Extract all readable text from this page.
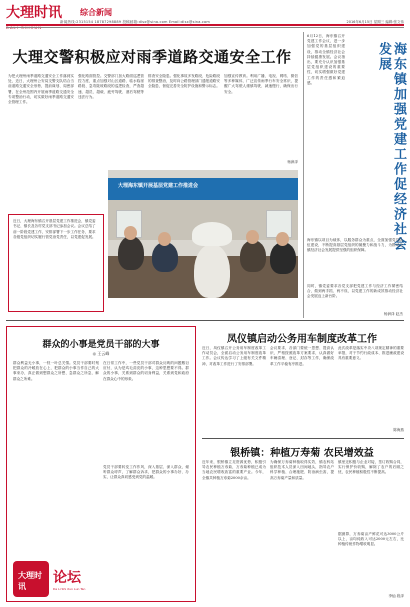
大理时讯 综合新闻
新闻热线:2315154 18787298889 投稿邮箱:dlsx@sina.com Email:dlsx@sina.com	2016年6月15日 星期三 编辑:张文伟
大理交警积极应对雨季道路交通安全工作
为把大理州雨季道路交通安全工作落到实处，近日，大理州公安局交警支队结合当前道路交通安全形势，提前谋划、周密部署，在全州范围内开展雨季道路交通安全专项整治行动，切实做好雨季道路交通安全管理工作。
强化路面管控。交警部门加大路面巡逻管控力度，重点加强对山区道路、临水临崖路段、急弯陡坡路段的巡逻检查，严查超速、超员、超载、疲劳驾驶、酒后驾驶等违法行为。
排查安全隐患。强化事故多发路段、危险路段的排查整治，及时向公路管理部门通报道路安全隐患，督促完善安全防护设施和警示标志。
加强宣传教育。利用广播、电视、网络、微信等多种媒体，广泛宣传雨季行车安全常识，提醒广大驾驶人谨慎驾驶、减速慢行，确保出行安全。
杨润泽
6月12日，海东镇召开党建工作会议，进一步加强党的基层组织建设，推动全镇经济社会持续健康发展。会议指出，要充分认识加强基层党组织建设的重要性，切实增强做好党建工作的责任感和紧迫感。	海东镇加强党建工作促经济社会发展
海东镇以项目为载体，以服务群众为重点，全面加强党员队伍建设，不断提高基层党组织的凝聚力和战斗力，为推动全镇经济社会发展提供坚强的组织保障。
同时，镇党委要求各党支部把党建工作与经济工作紧密结合，做到两手抓、两不误，以党建工作的新成效推动经济社会发展迈上新台阶。
杨润泽 赵杰
大理海东镇开展基层党建工作推进会
近日，大理海东镇召开基层党建工作推进会，镇党委书记、镇长及各村党支部书记参加会议。会议总结了前一阶段党建工作，安排部署下一步工作任务，要求各级党组织切实履行管党治党责任，以党建促发展。
群众的小事是党员干部的大事
◎ 王云峰
群众利益无小事，一枝一叶总关情。党员干部要时刻把群众的冷暖放在心上，把群众的小事当作自己的大事来办，真正做到想群众之所想、急群众之所急、解群众之所难。
在日常工作中，一些党员干部对群众反映的问题敷衍应付，认为是鸡毛蒜皮的小事，这种思想要不得。群众的小事，关系到群众的切身利益，关系到党和政府在群众心中的形象。
党员干部要转变工作作风，深入基层、深入群众，倾听群众呼声，了解群众诉求，把群众的小事办好、办实，让群众真切感受到党的温暖。
大理时讯	论坛
Da Li Shi Xun Lun Tan
凤仪镇启动公务用车制度改革工作
近日，凤仪镇召开公务用车制度改革工作动员会，全面启动公务用车制度改革工作。会议传达学习了上级有关文件精神，对改革工作进行了安排部署。
会议要求，各部门要统一思想、提高认识，严格按照改革方案要求，认真做好车辆清理、登记、封存等工作，确保改革工作平稳有序推进。
此次改革是落实中央八项规定精神的重要举措，对于节约行政成本、推进廉政建设具有重要意义。
陈海燕
银桥镇：种植万寿菊 农民增效益
近年来，银桥镇立足资源优势，积极引导农民种植万寿菊，万寿菊种植已成为当地农民增收致富的重要产业。今年，全镇共种植万寿菊2000余亩。
为确保万寿菊种植取得实效，镇农科站组织技术人员深入田间地头，指导农户科学种植、合理施肥、防治病虫害，提高万寿菊产量和质量。
镇里还积极与企业对接，签订收购合同，实行保护价收购，解除了农户的后顾之忧，农民种植积极性不断提高。
据测算，万寿菊亩产鲜花可达3000公斤以上，亩均纯收入可达2000元左右，比种植传统作物增收明显。
李灿 段泽
